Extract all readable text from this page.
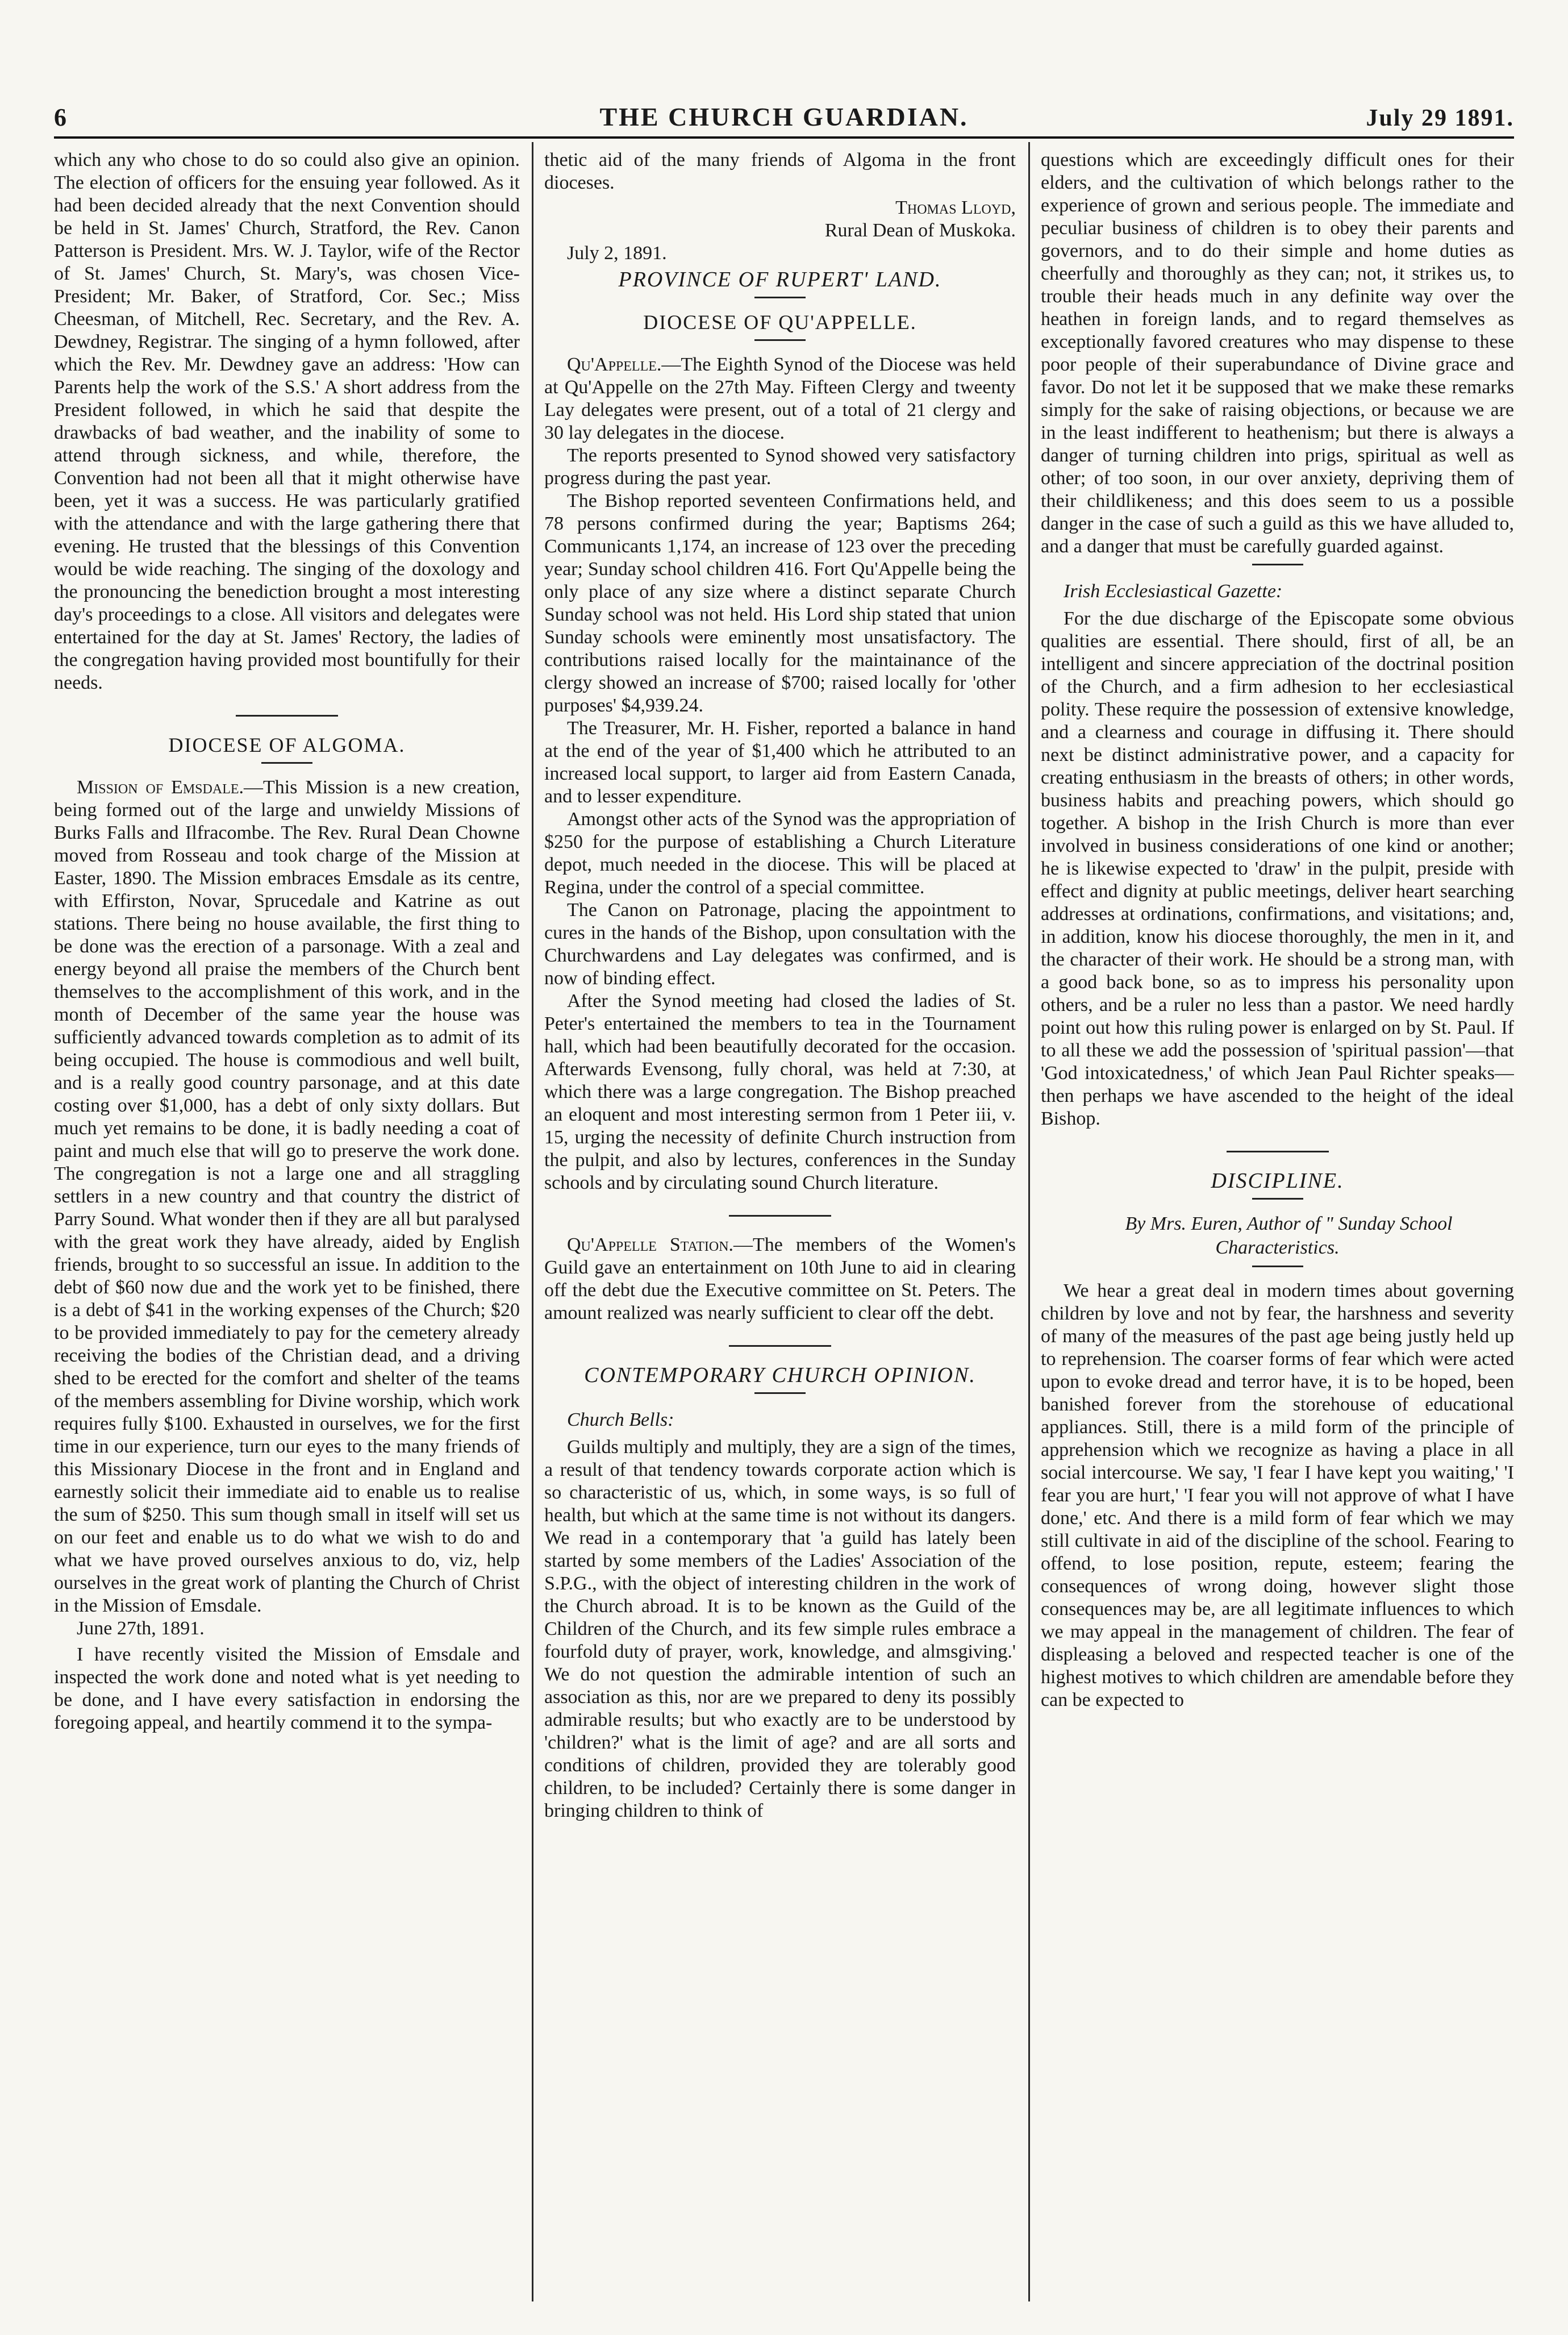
6	THE CHURCH GUARDIAN.	July 29 1891.

which any who chose to do so could also give an opinion. The election of officers for the ensuing year followed. As it had been decided already that the next Convention should be held in St. James' Church, Stratford, the Rev. Canon Patterson is President. Mrs. W. J. Taylor, wife of the Rector of St. James' Church, St. Mary's, was chosen Vice-President; Mr. Baker, of Stratford, Cor. Sec.; Miss Cheesman, of Mitchell, Rec. Secretary, and the Rev. A. Dewdney, Registrar. The singing of a hymn followed, after which the Rev. Mr. Dewdney gave an address: 'How can Parents help the work of the S.S.' A short address from the President followed, in which he said that despite the drawbacks of bad weather, and the inability of some to attend through sickness, and while, therefore, the Convention had not been all that it might otherwise have been, yet it was a success. He was particularly gratified with the attendance and with the large gathering there that evening. He trusted that the blessings of this Convention would be wide reaching. The singing of the doxology and the pronouncing the benediction brought a most interesting day's proceedings to a close. All visitors and delegates were entertained for the day at St. James' Rectory, the ladies of the congregation having provided most bountifully for their needs.

DIOCESE OF ALGOMA.

Mission of Emsdale.—This Mission is a new creation, being formed out of the large and unwieldy Missions of Burks Falls and Ilfracombe. The Rev. Rural Dean Chowne moved from Rosseau and took charge of the Mission at Easter, 1890. The Mission embraces Emsdale as its centre, with Effirston, Novar, Sprucedale and Katrine as out stations. There being no house available, the first thing to be done was the erection of a parsonage. With a zeal and energy beyond all praise the members of the Church bent themselves to the accomplishment of this work, and in the month of December of the same year the house was sufficiently advanced towards completion as to admit of its being occupied. The house is commodious and well built, and is a really good country parsonage, and at this date costing over $1,000, has a debt of only sixty dollars. But much yet remains to be done, it is badly needing a coat of paint and much else that will go to preserve the work done. The congregation is not a large one and all straggling settlers in a new country and that country the district of Parry Sound. What wonder then if they are all but paralysed with the great work they have already, aided by English friends, brought to so successful an issue. In addition to the debt of $60 now due and the work yet to be finished, there is a debt of $41 in the working expenses of the Church; $20 to be provided immediately to pay for the cemetery already receiving the bodies of the Christian dead, and a driving shed to be erected for the comfort and shelter of the teams of the members assembling for Divine worship, which work requires fully $100. Exhausted in ourselves, we for the first time in our experience, turn our eyes to the many friends of this Missionary Diocese in the front and in England and earnestly solicit their immediate aid to enable us to realise the sum of $250. This sum though small in itself will set us on our feet and enable us to do what we wish to do and what we have proved ourselves anxious to do, viz, help ourselves in the great work of planting the Church of Christ in the Mission of Emsdale.

June 27th, 1891.

I have recently visited the Mission of Emsdale and inspected the work done and noted what is yet needing to be done, and I have every satisfaction in endorsing the foregoing appeal, and heartily commend it to the sympa-

thetic aid of the many friends of Algoma in the front dioceses.

Thomas Lloyd,
Rural Dean of Muskoka.

July 2, 1891.

PROVINCE OF RUPERT' LAND.
DIOCESE OF QU'APPELLE.

Qu'Appelle.—The Eighth Synod of the Diocese was held at Qu'Appelle on the 27th May. Fifteen Clergy and tweenty Lay delegates were present, out of a total of 21 clergy and 30 lay delegates in the diocese.

The reports presented to Synod showed very satisfactory progress during the past year.

The Bishop reported seventeen Confirmations held, and 78 persons confirmed during the year; Baptisms 264; Communicants 1,174, an increase of 123 over the preceding year; Sunday school children 416. Fort Qu'Appelle being the only place of any size where a distinct separate Church Sunday school was not held. His Lord ship stated that union Sunday schools were eminently most unsatisfactory. The contributions raised locally for the maintainance of the clergy showed an increase of $700; raised locally for 'other purposes' $4,939.24.

The Treasurer, Mr. H. Fisher, reported a balance in hand at the end of the year of $1,400 which he attributed to an increased local support, to larger aid from Eastern Canada, and to lesser expenditure.

Amongst other acts of the Synod was the appropriation of $250 for the purpose of establishing a Church Literature depot, much needed in the diocese. This will be placed at Regina, under the control of a special committee.

The Canon on Patronage, placing the appointment to cures in the hands of the Bishop, upon consultation with the Churchwardens and Lay delegates was confirmed, and is now of binding effect.

After the Synod meeting had closed the ladies of St. Peter's entertained the members to tea in the Tournament hall, which had been beautifully decorated for the occasion. Afterwards Evensong, fully choral, was held at 7:30, at which there was a large congregation. The Bishop preached an eloquent and most interesting sermon from 1 Peter iii, v. 15, urging the necessity of definite Church instruction from the pulpit, and also by lectures, conferences in the Sunday schools and by circulating sound Church literature.

Qu'Appelle Station.—The members of the Women's Guild gave an entertainment on 10th June to aid in clearing off the debt due the Executive committee on St. Peters. The amount realized was nearly sufficient to clear off the debt.

CONTEMPORARY CHURCH OPINION.

Church Bells:

Guilds multiply and multiply, they are a sign of the times, a result of that tendency towards corporate action which is so characteristic of us, which, in some ways, is so full of health, but which at the same time is not without its dangers. We read in a contemporary that 'a guild has lately been started by some members of the Ladies' Association of the S.P.G., with the object of interesting children in the work of the Church abroad. It is to be known as the Guild of the Children of the Church, and its few simple rules embrace a fourfold duty of prayer, work, knowledge, and almsgiving.' We do not question the admirable intention of such an association as this, nor are we prepared to deny its possibly admirable results; but who exactly are to be understood by 'children?' what is the limit of age? and are all sorts and conditions of children, provided they are tolerably good children, to be included? Certainly there is some danger in bringing children to think of

questions which are exceedingly difficult ones for their elders, and the cultivation of which belongs rather to the experience of grown and serious people. The immediate and peculiar business of children is to obey their parents and governors, and to do their simple and home duties as cheerfully and thoroughly as they can; not, it strikes us, to trouble their heads much in any definite way over the heathen in foreign lands, and to regard themselves as exceptionally favored creatures who may dispense to these poor people of their superabundance of Divine grace and favor. Do not let it be supposed that we make these remarks simply for the sake of raising objections, or because we are in the least indifferent to heathenism; but there is always a danger of turning children into prigs, spiritual as well as other; of too soon, in our over anxiety, depriving them of their childlikeness; and this does seem to us a possible danger in the case of such a guild as this we have alluded to, and a danger that must be carefully guarded against.

Irish Ecclesiastical Gazette:

For the due discharge of the Episcopate some obvious qualities are essential. There should, first of all, be an intelligent and sincere appreciation of the doctrinal position of the Church, and a firm adhesion to her ecclesiastical polity. These require the possession of extensive knowledge, and a clearness and courage in diffusing it. There should next be distinct administrative power, and a capacity for creating enthusiasm in the breasts of others; in other words, business habits and preaching powers, which should go together. A bishop in the Irish Church is more than ever involved in business considerations of one kind or another; he is likewise expected to 'draw' in the pulpit, preside with effect and dignity at public meetings, deliver heart searching addresses at ordinations, confirmations, and visitations; and, in addition, know his diocese thoroughly, the men in it, and the character of their work. He should be a strong man, with a good back bone, so as to impress his personality upon others, and be a ruler no less than a pastor. We need hardly point out how this ruling power is enlarged on by St. Paul. If to all these we add the possession of 'spiritual passion'—that 'God intoxicatedness,' of which Jean Paul Richter speaks—then perhaps we have ascended to the height of the ideal Bishop.

DISCIPLINE.

By Mrs. Euren, Author of " Sunday School Characteristics.

We hear a great deal in modern times about governing children by love and not by fear, the harshness and severity of many of the measures of the past age being justly held up to reprehension. The coarser forms of fear which were acted upon to evoke dread and terror have, it is to be hoped, been banished forever from the storehouse of educational appliances. Still, there is a mild form of the principle of apprehension which we recognize as having a place in all social intercourse. We say, 'I fear I have kept you waiting,' 'I fear you are hurt,' 'I fear you will not approve of what I have done,' etc. And there is a mild form of fear which we may still cultivate in aid of the discipline of the school. Fearing to offend, to lose position, repute, esteem; fearing the consequences of wrong doing, however slight those consequences may be, are all legitimate influences to which we may appeal in the management of children. The fear of displeasing a beloved and respected teacher is one of the highest motives to which children are amendable before they can be expected to
